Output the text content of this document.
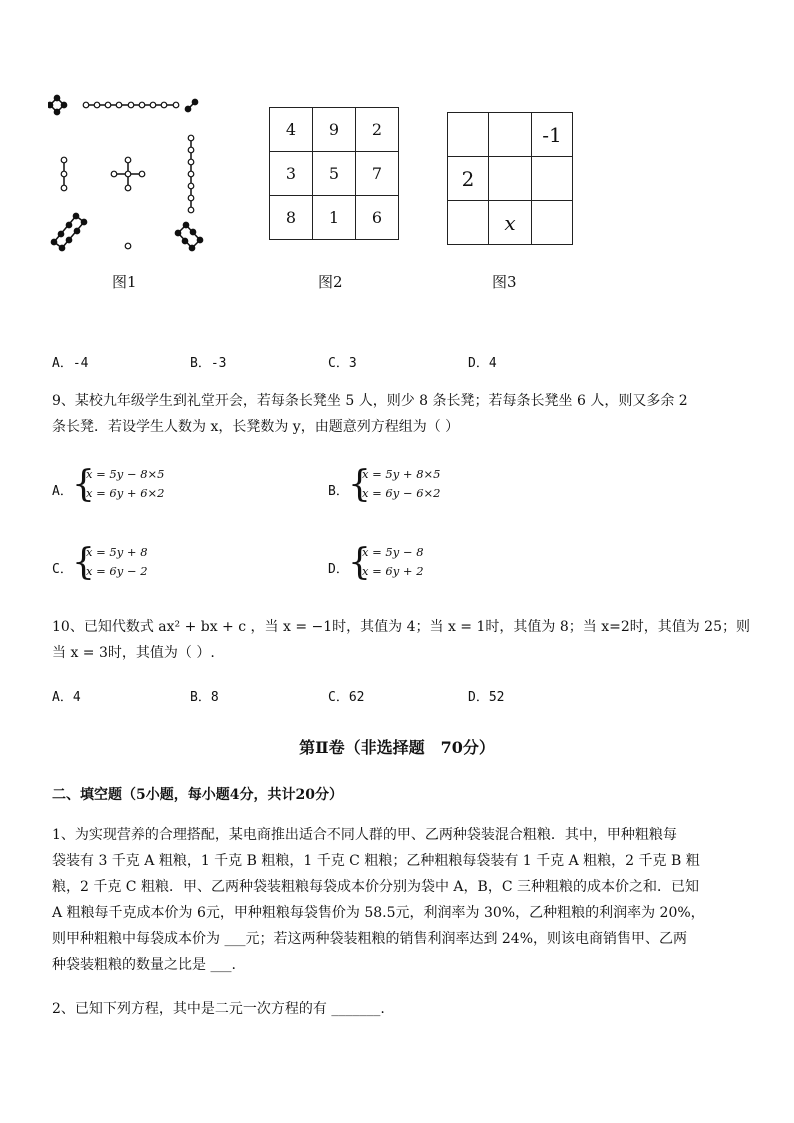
图1
4	9	2
3	5	7
8	1	6
图2
		-1
2		
	x	
图3
A．-4	B．-3	C．3	D．4
9、某校九年级学生到礼堂开会，若每条长凳坐 5 人，则少 8 条长凳；若每条长凳坐 6 人，则又多余 2
条长凳．若设学生人数为 x，长凳数为 y，由题意列方程组为（ ）
A． {
x = 5y − 8×5
x = 6y + 6×2	B． {
x = 5y + 8×5
x = 6y − 6×2
C． {
x = 5y + 8
x = 6y − 2	D． {
x = 5y − 8
x = 6y + 2
10、已知代数式 ax² + bx + c ，当 x = −1时，其值为 4；当 x = 1时，其值为 8；当 x=2时，其值为 25；则
当 x = 3时，其值为（ ）.
A．4	B．8	C．62	D．52
第Ⅱ卷（非选择题　70分）
二、填空题（5小题，每小题4分，共计20分）
1、为实现营养的合理搭配，某电商推出适合不同人群的甲、乙两种袋装混合粗粮．其中，甲种粗粮每
袋装有 3 千克 A 粗粮，1 千克 B 粗粮，1 千克 C 粗粮；乙种粗粮每袋装有 1 千克 A 粗粮，2 千克 B 粗
粮，2 千克 C 粗粮．甲、乙两种袋装粗粮每袋成本价分别为袋中 A，B，C 三种粗粮的成本价之和．已知
A 粗粮每千克成本价为 6元，甲种粗粮每袋售价为 58.5元，利润率为 30%，乙种粗粮的利润率为 20%，
则甲种粗粮中每袋成本价为 ___元；若这两种袋装粗粮的销售利润率达到 24%，则该电商销售甲、乙两
种袋装粗粮的数量之比是 ___.
2、已知下列方程，其中是二元一次方程的有 _______.
